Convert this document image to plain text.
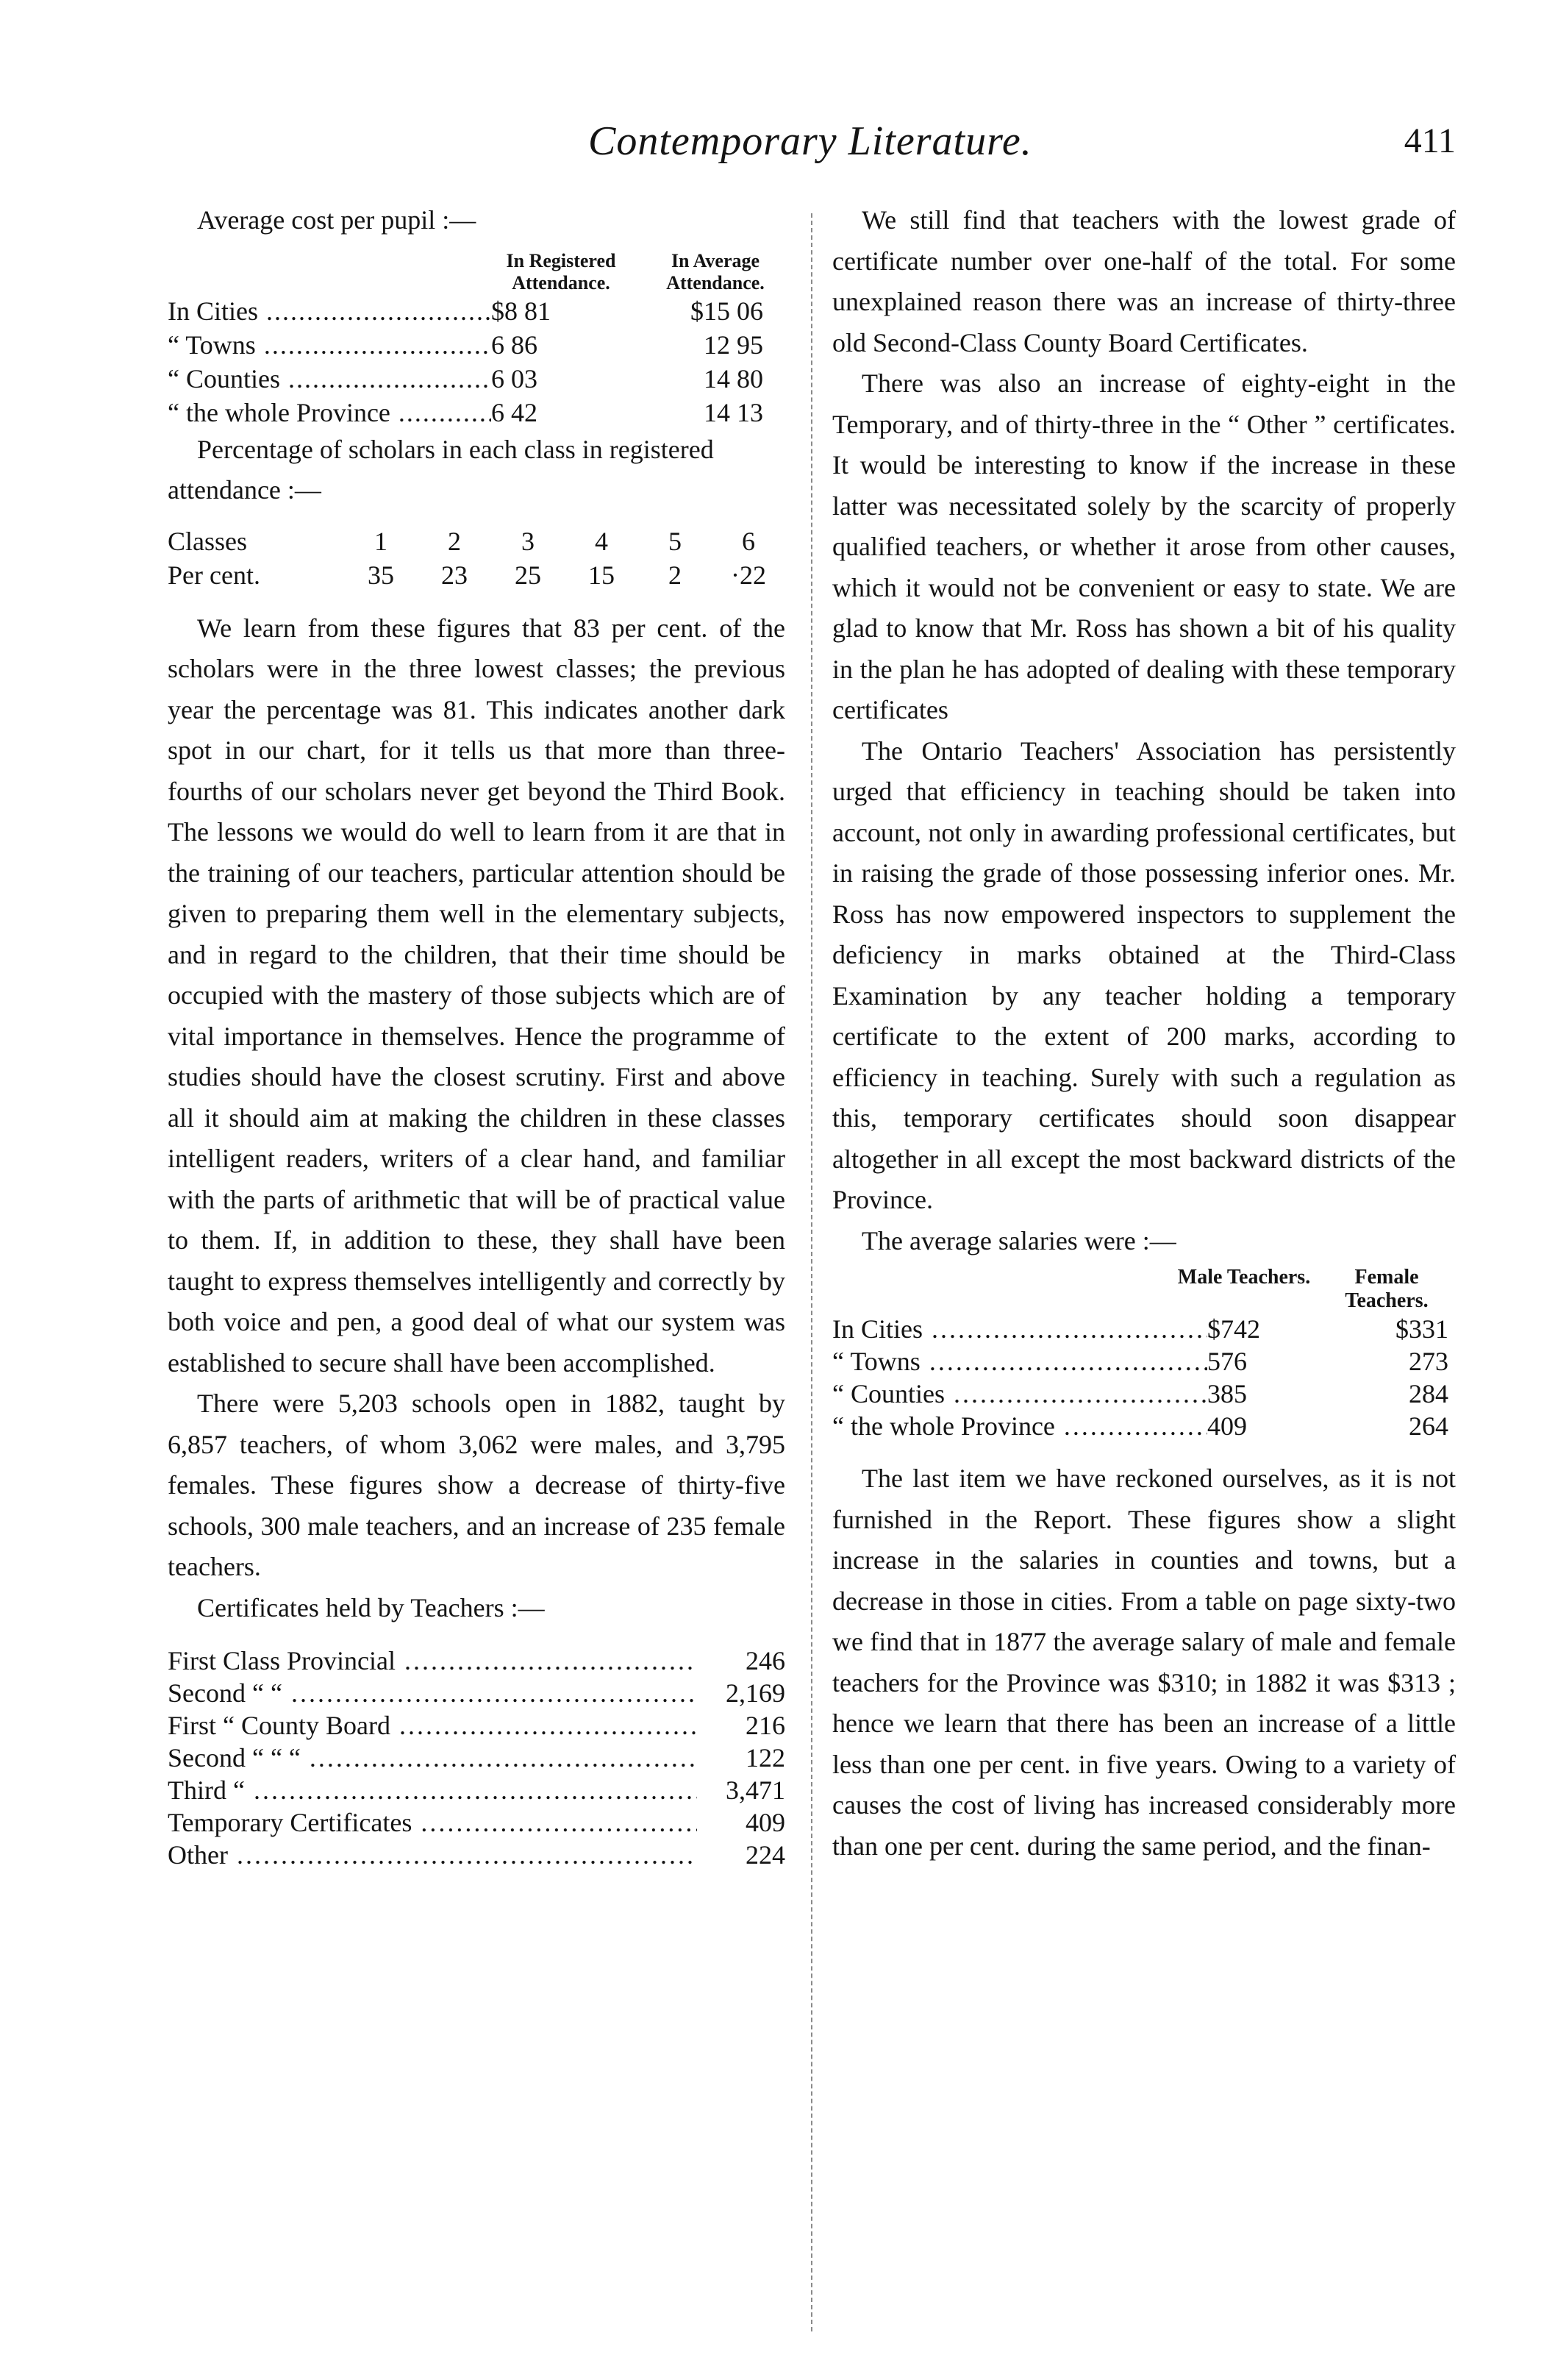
Contemporary Literature.	411

Average cost per pupil :—

In Registered Attendance.
In Average Attendance.
In Cities .....	$8 81	$15 06
“ Towns .....	6 86	12 95
“ Counties .....	6 03	14 80
“ the whole Province .....	6 42	14 13

Percentage of scholars in each class in registered attendance :—

Classes	1	2	3	4	5	6
Per cent.	35	23	25	15	2	·22

We learn from these figures that 83 per cent. of the scholars were in the three lowest classes; the previous year the percentage was 81. This indicates another dark spot in our chart, for it tells us that more than three-fourths of our scholars never get beyond the Third Book. The lessons we would do well to learn from it are that in the training of our teachers, particular attention should be given to preparing them well in the elementary subjects, and in regard to the children, that their time should be occupied with the mastery of those subjects which are of vital importance in themselves. Hence the programme of studies should have the closest scrutiny. First and above all it should aim at making the children in these classes intelligent readers, writers of a clear hand, and familiar with the parts of arithmetic that will be of practical value to them. If, in addition to these, they shall have been taught to express themselves intelligently and correctly by both voice and pen, a good deal of what our system was established to secure shall have been accomplished.

There were 5,203 schools open in 1882, taught by 6,857 teachers, of whom 3,062 were males, and 3,795 females. These figures show a decrease of thirty-five schools, 300 male teachers, and an increase of 235 female teachers.

Certificates held by Teachers :—

First Class Provincial .....	246
Second “ “ .....	2,169
First “ County Board .....	216
Second “ “ “ .....	122
Third “ .....	3,471
Temporary Certificates .....	409
Other .....	224

We still find that teachers with the lowest grade of certificate number over one-half of the total. For some unexplained reason there was an increase of thirty-three old Second-Class County Board Certificates.

There was also an increase of eighty-eight in the Temporary, and of thirty-three in the “ Other ” certificates. It would be interesting to know if the increase in these latter was necessitated solely by the scarcity of properly qualified teachers, or whether it arose from other causes, which it would not be convenient or easy to state. We are glad to know that Mr. Ross has shown a bit of his quality in the plan he has adopted of dealing with these temporary certificates

The Ontario Teachers' Association has persistently urged that efficiency in teaching should be taken into account, not only in awarding professional certificates, but in raising the grade of those possessing inferior ones. Mr. Ross has now empowered inspectors to supplement the deficiency in marks obtained at the Third-Class Examination by any teacher holding a temporary certificate to the extent of 200 marks, according to efficiency in teaching. Surely with such a regulation as this, temporary certificates should soon disappear altogether in all except the most backward districts of the Province.

The average salaries were :—

Male Teachers.	Female Teachers.
In Cities .....	$742	$331
“ Towns .....	576	273
“ Counties .....	385	284
“ the whole Province .....	409	264

The last item we have reckoned ourselves, as it is not furnished in the Report. These figures show a slight increase in the salaries in counties and towns, but a decrease in those in cities. From a table on page sixty-two we find that in 1877 the average salary of male and female teachers for the Province was $310; in 1882 it was $313 ; hence we learn that there has been an increase of a little less than one per cent. in five years. Owing to a variety of causes the cost of living has increased considerably more than one per cent. during the same period, and the finan-
